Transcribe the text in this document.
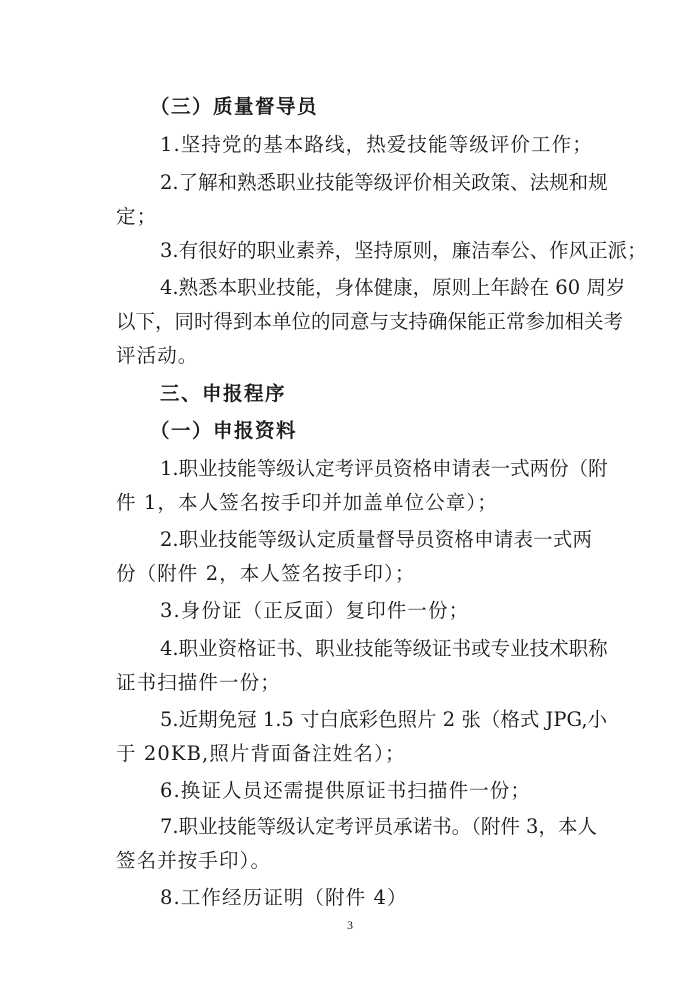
（三）质量督导员
1.坚持党的基本路线，热爱技能等级评价工作；
2.了解和熟悉职业技能等级评价相关政策、法规和规
定；
3.有很好的职业素养，坚持原则，廉洁奉公、作风正派；
4.熟悉本职业技能，身体健康，原则上年龄在 60 周岁
以下，同时得到本单位的同意与支持确保能正常参加相关考
评活动。
三、申报程序
（一）申报资料
1.职业技能等级认定考评员资格申请表一式两份（附
件 1，本人签名按手印并加盖单位公章）；
2.职业技能等级认定质量督导员资格申请表一式两
份（附件 2，本人签名按手印）；
3.身份证（正反面）复印件一份；
4.职业资格证书、职业技能等级证书或专业技术职称
证书扫描件一份；
5.近期免冠 1.5 寸白底彩色照片 2 张（格式 JPG,小
于 20KB,照片背面备注姓名）；
6.换证人员还需提供原证书扫描件一份；
7.职业技能等级认定考评员承诺书。（附件 3，本人
签名并按手印）。
8.工作经历证明（附件 4）
3
